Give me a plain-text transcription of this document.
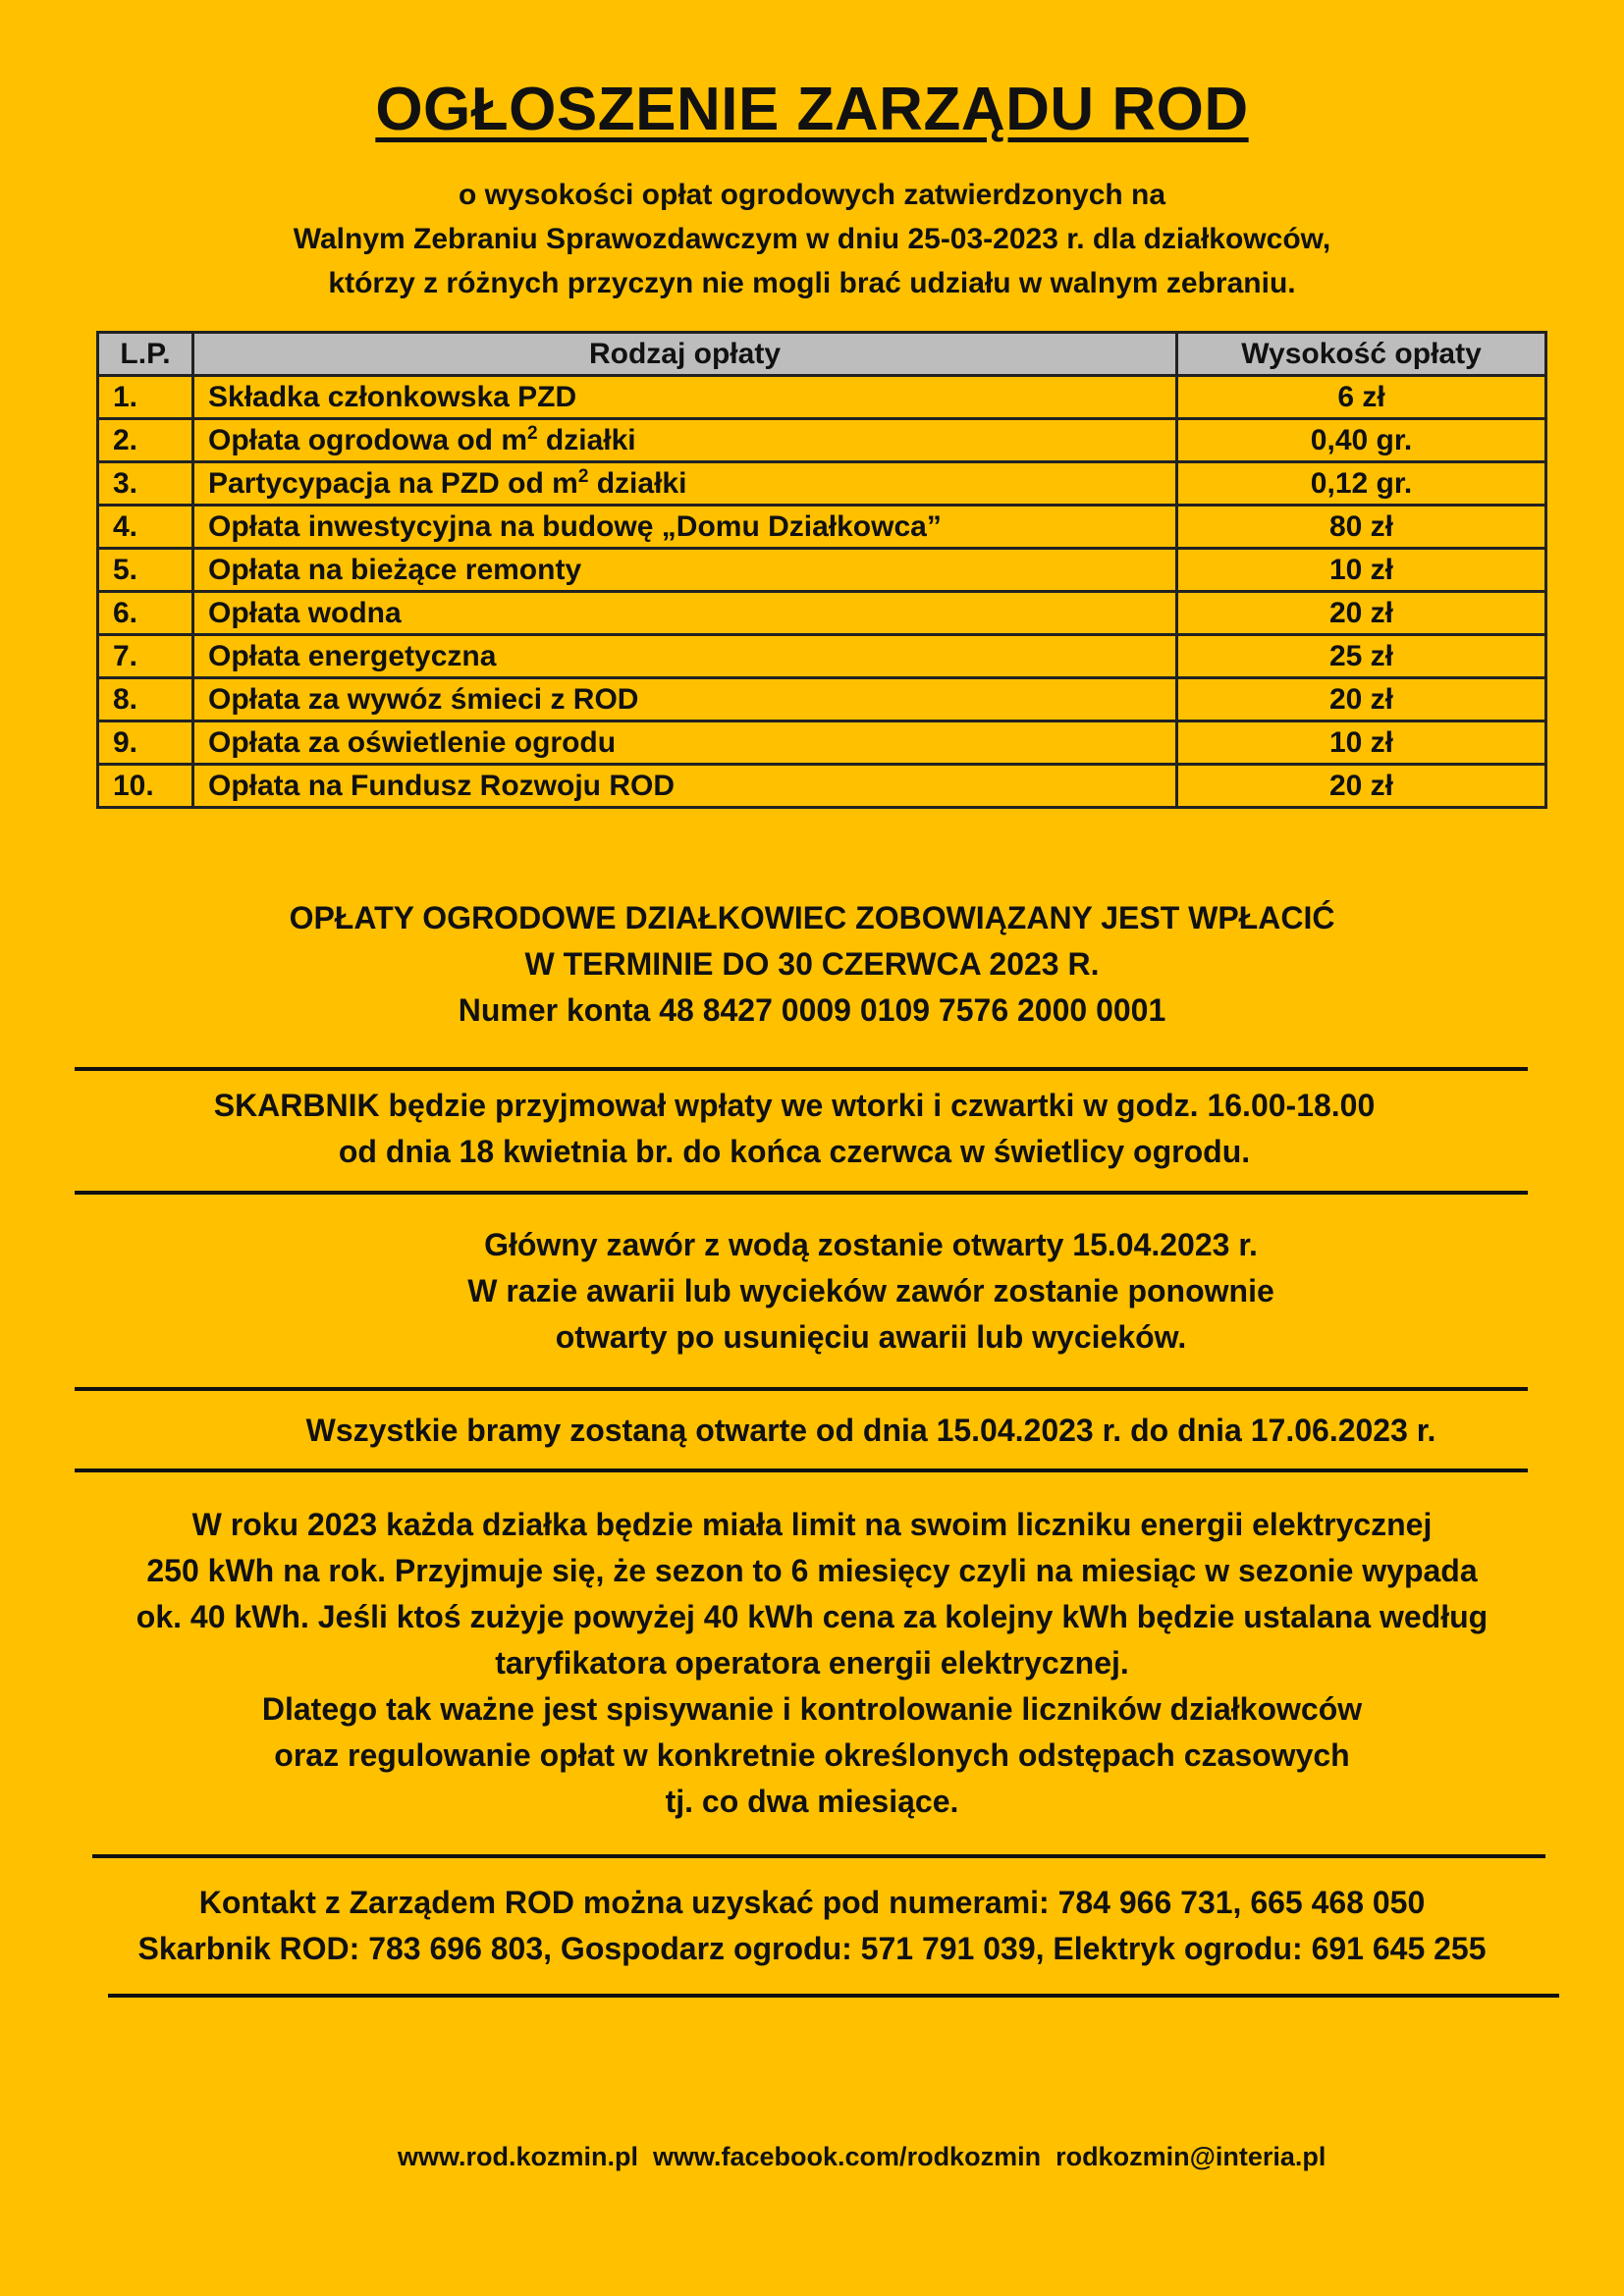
OGŁOSZENIE ZARZĄDU ROD
o wysokości opłat ogrodowych zatwierdzonych na
Walnym Zebraniu Sprawozdawczym w dniu 25-03-2023 r. dla działkowców,
którzy z różnych przyczyn nie mogli brać udziału w walnym zebraniu.
L.P.	Rodzaj opłaty	Wysokość opłaty
1.	Składka członkowska PZD	6 zł
2.	Opłata ogrodowa od $m^2$ działki	0,40 gr.
3.	Partycypacja na PZD od $m^2$ działki	0,12 gr.
4.	Opłata inwestycyjna na budowę „Domu Działkowca”	80 zł
5.	Opłata na bieżące remonty	10 zł
6.	Opłata wodna	20 zł
7.	Opłata energetyczna	25 zł
8.	Opłata za wywóz śmieci z ROD	20 zł
9.	Opłata za oświetlenie ogrodu	10 zł
10.	Opłata na Fundusz Rozwoju ROD	20 zł
OPŁATY OGRODOWE DZIAŁKOWIEC ZOBOWIĄZANY JEST WPŁACIĆ
W TERMINIE DO 30 CZERWCA 2023 R.
Numer konta 48 8427 0009 0109 7576 2000 0001
SKARBNIK będzie przyjmował wpłaty we wtorki i czwartki w godz. 16.00-18.00
od dnia 18 kwietnia br. do końca czerwca w świetlicy ogrodu.
Główny zawór z wodą zostanie otwarty 15.04.2023 r.
W razie awarii lub wycieków zawór zostanie ponownie
otwarty po usunięciu awarii lub wycieków.
Wszystkie bramy zostaną otwarte od dnia 15.04.2023 r. do dnia 17.06.2023 r.
W roku 2023 każda działka będzie miała limit na swoim liczniku energii elektrycznej
250 kWh na rok. Przyjmuje się, że sezon to 6 miesięcy czyli na miesiąc w sezonie wypada
ok. 40 kWh. Jeśli ktoś zużyje powyżej 40 kWh cena za kolejny kWh będzie ustalana według
taryfikatora operatora energii elektrycznej.
Dlatego tak ważne jest spisywanie i kontrolowanie liczników działkowców
oraz regulowanie opłat w konkretnie określonych odstępach czasowych
tj. co dwa miesiące.
Kontakt z Zarządem ROD można uzyskać pod numerami: 784 966 731, 665 468 050
Skarbnik ROD: 783 696 803, Gospodarz ogrodu: 571 791 039, Elektryk ogrodu: 691 645 255
www.rod.kozmin.pl  www.facebook.com/rodkozmin  rodkozmin@interia.pl
